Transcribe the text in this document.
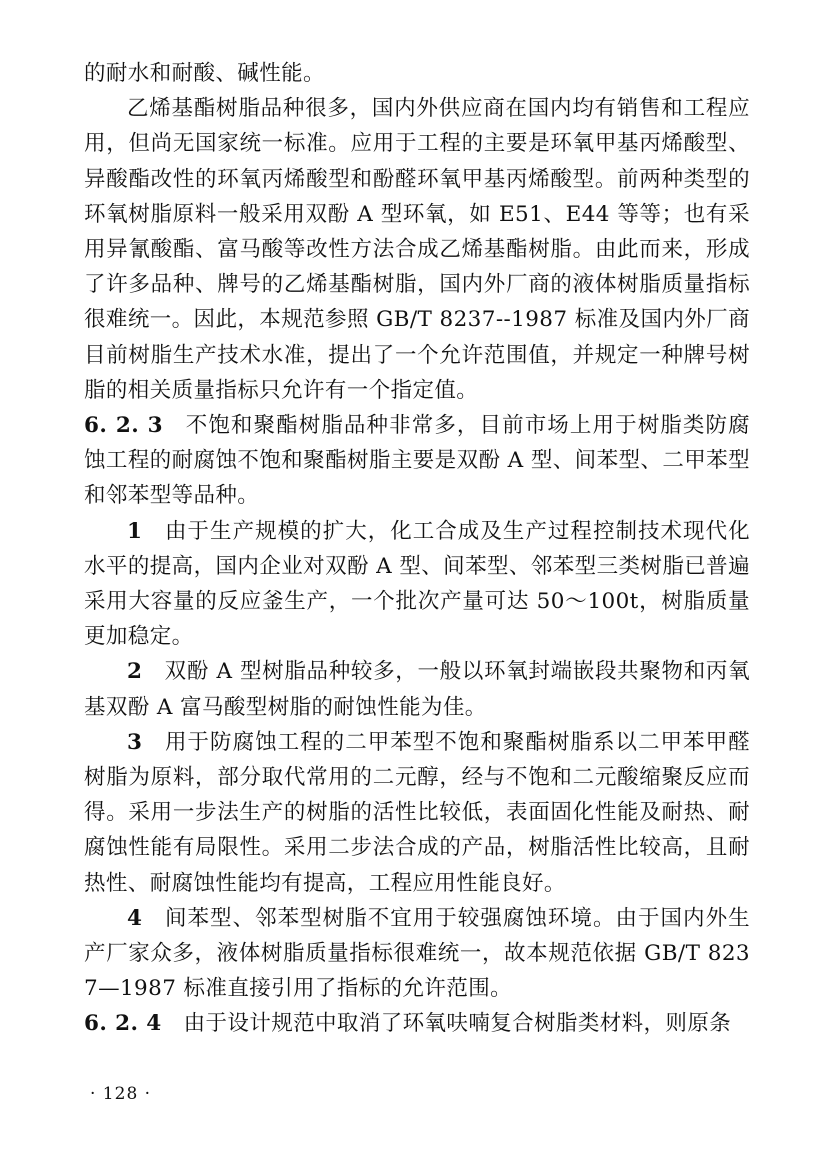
的耐水和耐酸、碱性能。

乙烯基酯树脂品种很多，国内外供应商在国内均有销售和工程应用，但尚无国家统一标准。应用于工程的主要是环氧甲基丙烯酸型、异酸酯改性的环氧丙烯酸型和酚醛环氧甲基丙烯酸型。前两种类型的环氧树脂原料一般采用双酚 A 型环氧，如 E51、E44 等等；也有采用异氰酸酯、富马酸等改性方法合成乙烯基酯树脂。由此而来，形成了许多品种、牌号的乙烯基酯树脂，国内外厂商的液体树脂质量指标很难统一。因此，本规范参照 GB/T 8237--1987 标准及国内外厂商目前树脂生产技术水准，提出了一个允许范围值，并规定一种牌号树脂的相关质量指标只允许有一个指定值。

6. 2. 3 不饱和聚酯树脂品种非常多，目前市场上用于树脂类防腐蚀工程的耐腐蚀不饱和聚酯树脂主要是双酚 A 型、间苯型、二甲苯型和邻苯型等品种。

1 由于生产规模的扩大，化工合成及生产过程控制技术现代化水平的提高，国内企业对双酚 A 型、间苯型、邻苯型三类树脂已普遍采用大容量的反应釜生产，一个批次产量可达 50～100t，树脂质量更加稳定。

2 双酚 A 型树脂品种较多，一般以环氧封端嵌段共聚物和丙氧基双酚 A 富马酸型树脂的耐蚀性能为佳。

3 用于防腐蚀工程的二甲苯型不饱和聚酯树脂系以二甲苯甲醛树脂为原料，部分取代常用的二元醇，经与不饱和二元酸缩聚反应而得。采用一步法生产的树脂的活性比较低，表面固化性能及耐热、耐腐蚀性能有局限性。采用二步法合成的产品，树脂活性比较高，且耐热性、耐腐蚀性能均有提高，工程应用性能良好。

4 间苯型、邻苯型树脂不宜用于较强腐蚀环境。由于国内外生产厂家众多，液体树脂质量指标很难统一，故本规范依据 GB/T 8237—1987 标准直接引用了指标的允许范围。

6. 2. 4 由于设计规范中取消了环氧呋喃复合树脂类材料，则原条

· 128 ·
